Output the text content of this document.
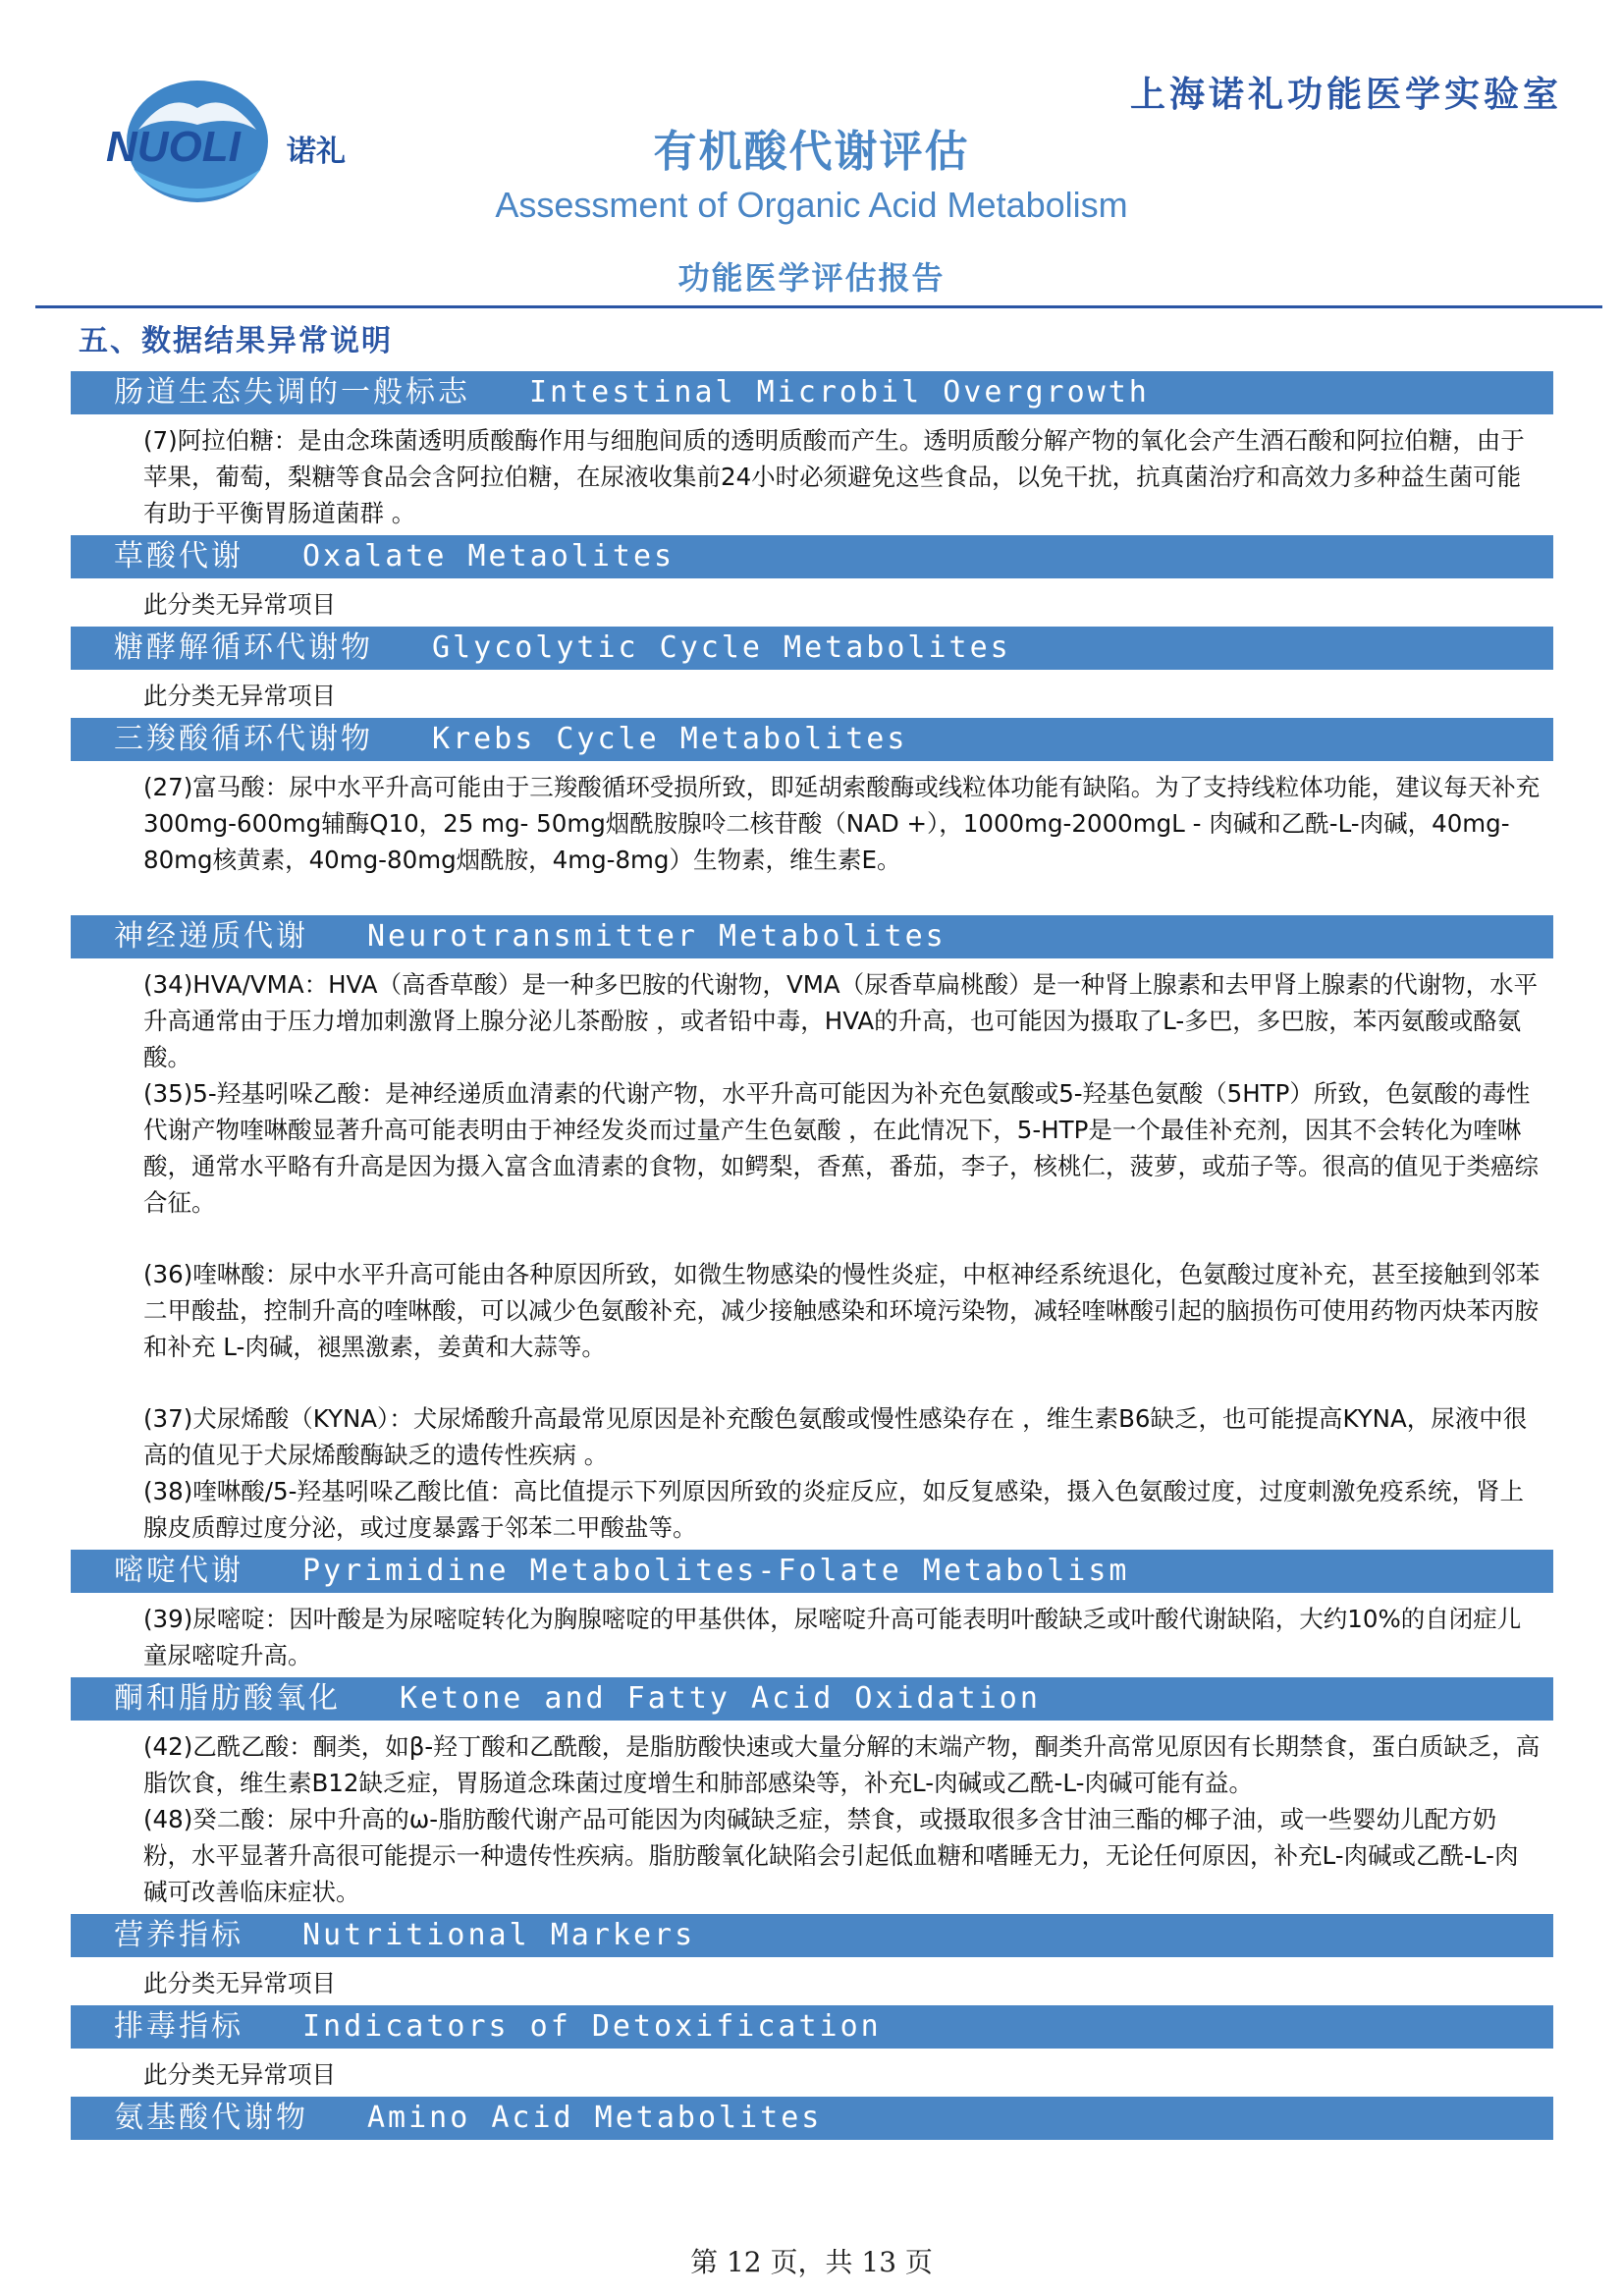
上海诺礼功能医学实验室
NUOLI 诺礼	有机酸代谢评估
Assessment of Organic Acid Metabolism
功能医学评估报告
五、数据结果异常说明
肠道生态失调的一般标志 Intestinal Microbil Overgrowth

(7)阿拉伯糖：是由念珠菌透明质酸酶作用与细胞间质的透明质酸而产生。透明质酸分解产物的氧化会产生酒石酸和阿拉伯糖，由于苹果，葡萄，梨糖等食品会含阿拉伯糖，在尿液收集前24小时必须避免这些食品，以免干扰，抗真菌治疗和高效力多种益生菌可能有助于平衡胃肠道菌群 。

草酸代谢 Oxalate Metaolites

此分类无异常项目

糖酵解循环代谢物 Glycolytic Cycle Metabolites

此分类无异常项目

三羧酸循环代谢物 Krebs Cycle Metabolites

(27)富马酸：尿中水平升高可能由于三羧酸循环受损所致，即延胡索酸酶或线粒体功能有缺陷。为了支持线粒体功能，建议每天补充300mg-600mg辅酶Q10，25 mg- 50mg烟酰胺腺呤二核苷酸（NAD +），1000mg-2000mgL - 肉碱和乙酰-L-肉碱，40mg-80mg核黄素，40mg-80mg烟酰胺，4mg-8mg）生物素，维生素E。

神经递质代谢 Neurotransmitter Metabolites

(34)HVA/VMA：HVA（高香草酸）是一种多巴胺的代谢物，VMA（尿香草扁桃酸）是一种肾上腺素和去甲肾上腺素的代谢物，水平升高通常由于压力增加刺激肾上腺分泌儿茶酚胺 ，或者铅中毒，HVA的升高，也可能因为摄取了L-多巴，多巴胺，苯丙氨酸或酪氨酸。

(35)5-羟基吲哚乙酸：是神经递质血清素的代谢产物，水平升高可能因为补充色氨酸或5-羟基色氨酸（5HTP）所致，色氨酸的毒性代谢产物喹啉酸显著升高可能表明由于神经发炎而过量产生色氨酸 ，在此情况下，5-HTP是一个最佳补充剂，因其不会转化为喹啉酸，通常水平略有升高是因为摄入富含血清素的食物，如鳄梨，香蕉，番茄，李子，核桃仁，菠萝，或茄子等。很高的值见于类癌综合征。

(36)喹啉酸：尿中水平升高可能由各种原因所致，如微生物感染的慢性炎症，中枢神经系统退化，色氨酸过度补充，甚至接触到邻苯二甲酸盐，控制升高的喹啉酸，可以减少色氨酸补充，减少接触感染和环境污染物，减轻喹啉酸引起的脑损伤可使用药物丙炔苯丙胺和补充 L-肉碱，褪黑激素，姜黄和大蒜等。

(37)犬尿烯酸（KYNA）：犬尿烯酸升高最常见原因是补充酸色氨酸或慢性感染存在 ，维生素B6缺乏，也可能提高KYNA，尿液中很高的值见于犬尿烯酸酶缺乏的遗传性疾病 。

(38)喹啉酸/5-羟基吲哚乙酸比值：高比值提示下列原因所致的炎症反应，如反复感染，摄入色氨酸过度，过度刺激免疫系统，肾上腺皮质醇过度分泌，或过度暴露于邻苯二甲酸盐等。

嘧啶代谢 Pyrimidine Metabolites-Folate Metabolism

(39)尿嘧啶：因叶酸是为尿嘧啶转化为胸腺嘧啶的甲基供体，尿嘧啶升高可能表明叶酸缺乏或叶酸代谢缺陷，大约10%的自闭症儿童尿嘧啶升高。

酮和脂肪酸氧化 Ketone and Fatty Acid Oxidation

(42)乙酰乙酸：酮类，如β-羟丁酸和乙酰酸，是脂肪酸快速或大量分解的末端产物，酮类升高常见原因有长期禁食，蛋白质缺乏，高脂饮食，维生素B12缺乏症，胃肠道念珠菌过度增生和肺部感染等，补充L-肉碱或乙酰-L-肉碱可能有益。

(48)癸二酸：尿中升高的ω-脂肪酸代谢产品可能因为肉碱缺乏症，禁食，或摄取很多含甘油三酯的椰子油，或一些婴幼儿配方奶粉，水平显著升高很可能提示一种遗传性疾病。脂肪酸氧化缺陷会引起低血糖和嗜睡无力，无论任何原因，补充L-肉碱或乙酰-L-肉碱可改善临床症状。

营养指标 Nutritional Markers

此分类无异常项目

排毒指标 Indicators of Detoxification

此分类无异常项目

氨基酸代谢物 Amino Acid Metabolites
第 12 页，共 13 页
